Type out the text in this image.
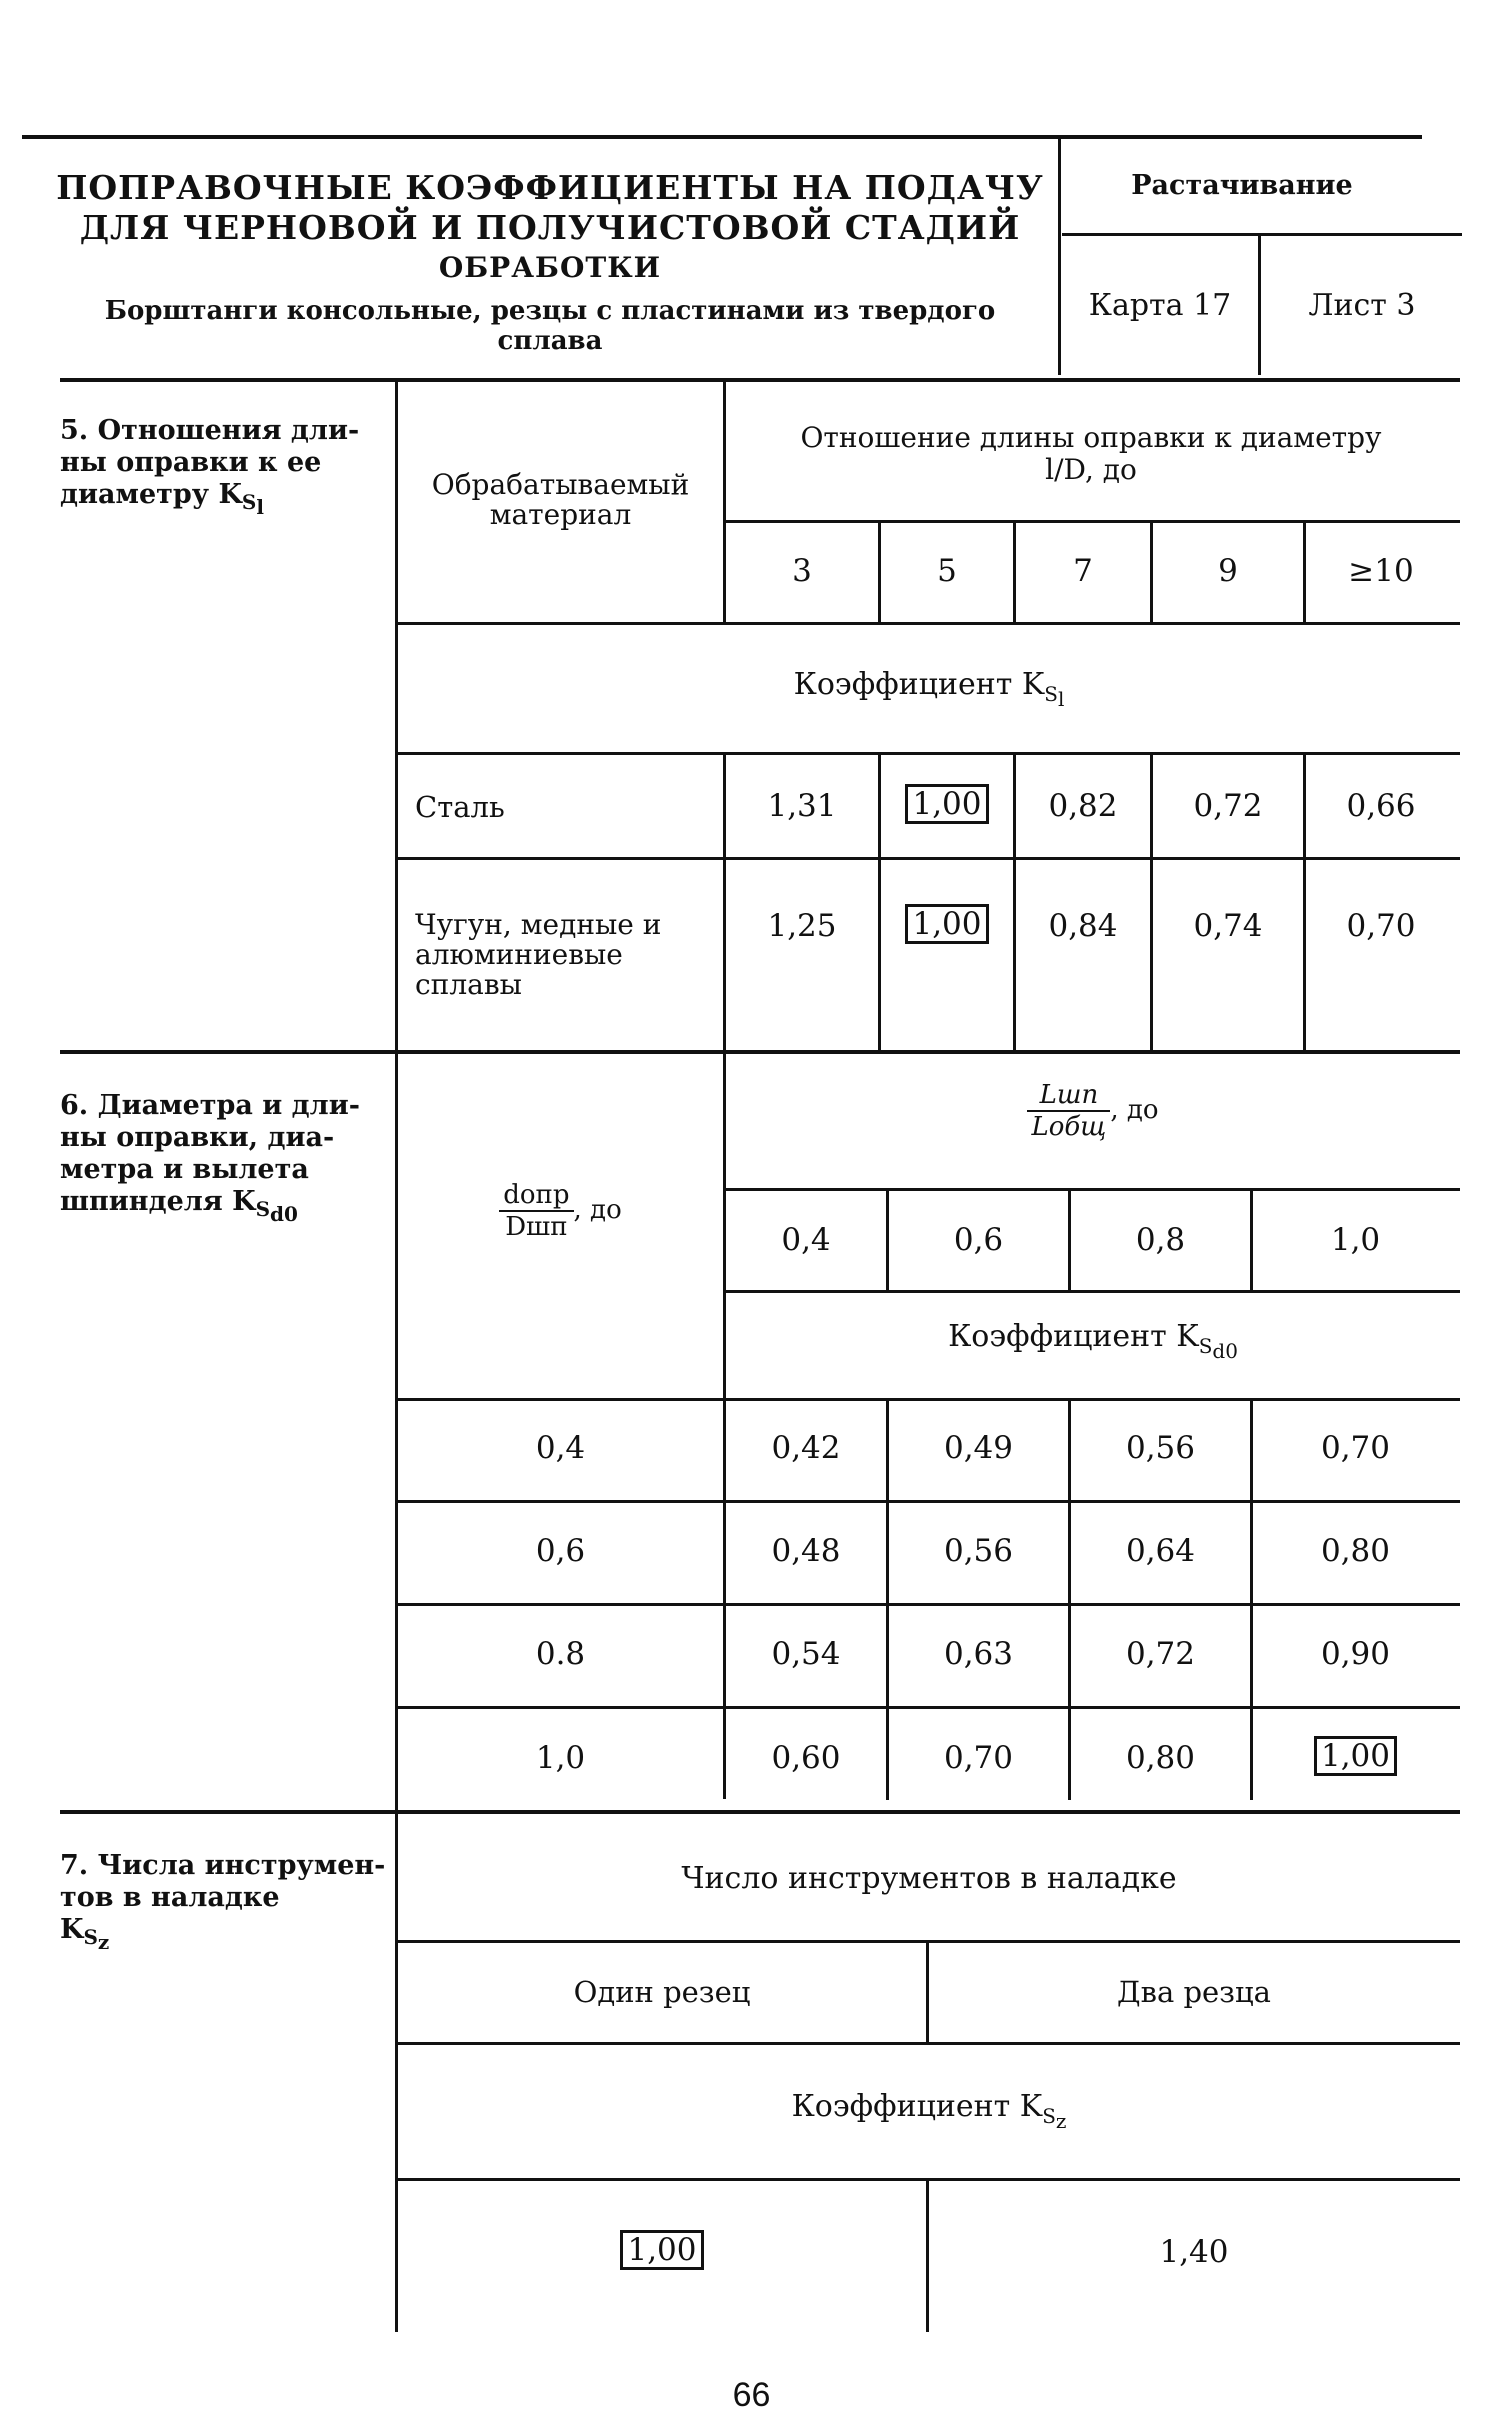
ПОПРАВОЧНЫЕ КОЭФФИЦИЕНТЫ НА ПОДАЧУ
ДЛЯ ЧЕРНОВОЙ И ПОЛУЧИСТОВОЙ СТАДИЙ
ОБРАБОТКИ
Борштанги консольные, резцы с пластинами из твердого
сплава
Растачивание
Карта 17	Лист 3
5. Отношения дли-
ны оправки к ее
диаметру $K_{S_l}$
Обрабатываемый
материал
Отношение длины оправки к диаметру
l/D, до
3	5	7	9	≥10
Коэффициент $K_{S_l}$
Сталь	1,31	1,00	0,82	0,72	0,66
Чугун, медные и
алюминиевые
сплавы
1,25	1,00	0,84	0,74	0,70
6. Диаметра и дли-
ны оправки, диа-
метра и вылета
шпинделя $K_{S_{d0}}$	$\frac{\text{dопр}}{\text{Dшп}}$ , до
$\frac{\text{Lшп}}{\text{Lобщ}}$ , до
0,4	0,6	0,8	1,0
Коэффициент $K_{S_{d0}}$
0,4	0,42	0,49	0,56	0,70
0,6	0,48	0,56	0,64	0,80
0.8	0,54	0,63	0,72	0,90
1,0	0,60	0,70	0,80	1,00
7. Числа инструмен-
тов в наладке
$K_{S_z}$
Число инструментов в наладке
Один резец	Два резца
Коэффициент $K_{S_z}$
1,00	1,40
66
